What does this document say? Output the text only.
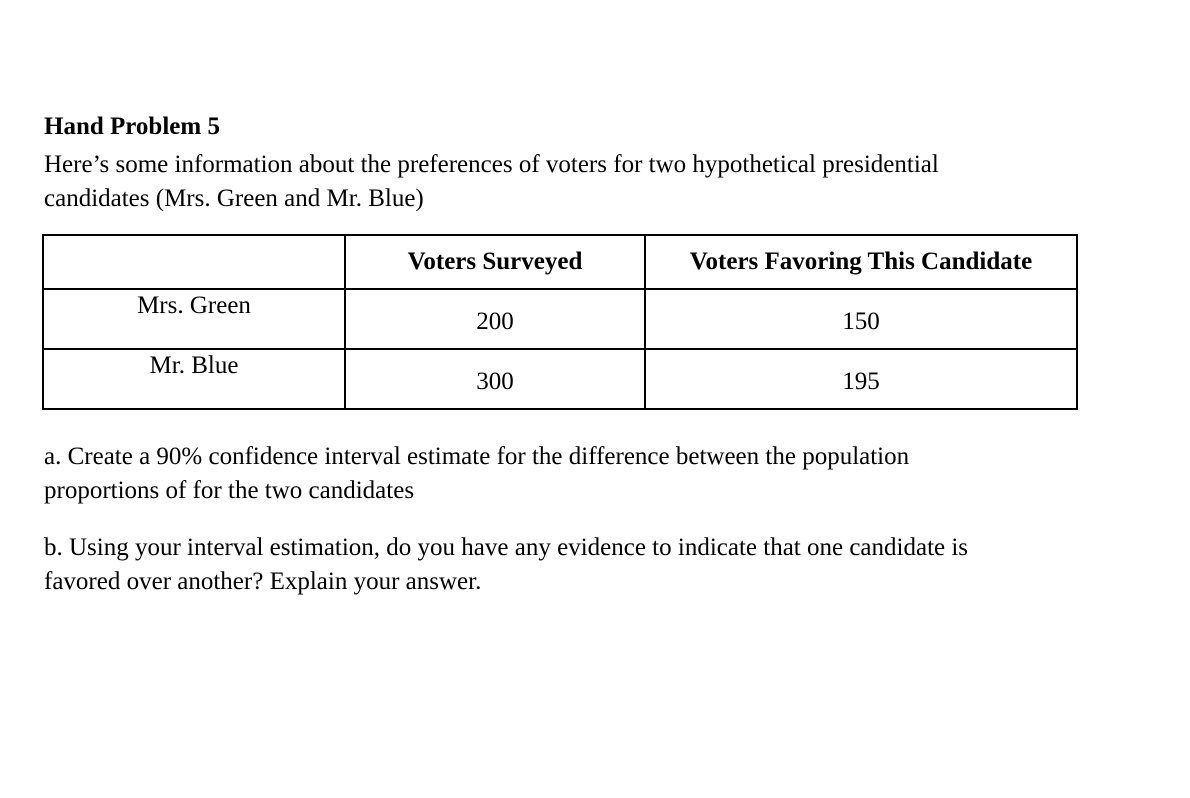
Hand Problem 5
Here’s some information about the preferences of voters for two hypothetical presidential
candidates (Mrs. Green and Mr. Blue)
	Voters Surveyed	Voters Favoring This Candidate
Mrs. Green	200	150
Mr. Blue	300	195
a. Create a 90% confidence interval estimate for the difference between the population
proportions of for the two candidates
b. Using your interval estimation, do you have any evidence to indicate that one candidate is
favored over another? Explain your answer.
